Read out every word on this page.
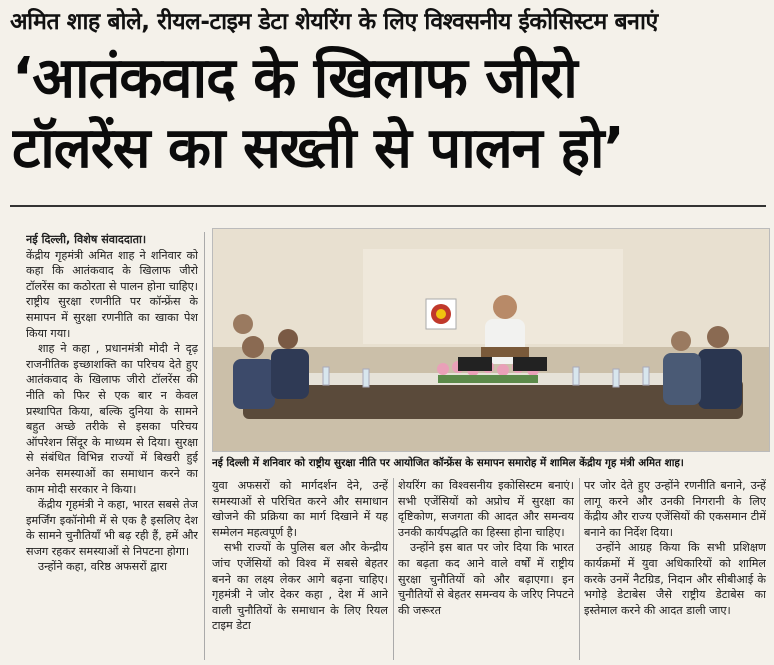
अमित शाह बोले, रीयल-टाइम डेटा शेयरिंग के लिए विश्वसनीय ईकोसिस्टम बनाएं
‘आतंकवाद के खिलाफ जीरो
टॉलरेंस का सख्ती से पालन हो’

नई दिल्ली, विशेष संवाददाता।

केंद्रीय गृहमंत्री अमित शाह ने शनिवार को कहा कि आतंकवाद के खिलाफ जीरो टॉलरेंस का कठोरता से पालन होना चाहिए। राष्ट्रीय सुरक्षा रणनीति पर कॉन्फ्रेंस के समापन में सुरक्षा रणनीति का खाका पेश किया गया।

शाह ने कहा , प्रधानमंत्री मोदी ने दृढ़ राजनीतिक इच्छाशक्ति का परिचय देते हुए आतंकवाद के खिलाफ जीरो टॉलरेंस की नीति को फिर से एक बार न केवल प्रस्थापित किया, बल्कि दुनिया के सामने बहुत अच्छे तरीके से इसका परिचय ऑपरेशन सिंदूर के माध्यम से दिया। सुरक्षा से संबंधित विभिन्न राज्यों में बिखरी हुई अनेक समस्याओं का समाधान करने का काम मोदी सरकार ने किया।

केंद्रीय गृहमंत्री ने कहा, भारत सबसे तेज इमर्जिंग इकॉनोमी में से एक है इसलिए देश के सामने चुनौतियाँ भी बढ़ रही हैं, हमें और सजग रहकर समस्याओं से निपटना होगा।

उन्होंने कहा, वरिष्ठ अफसरों द्वारा

नई दिल्ली में शनिवार को राष्ट्रीय सुरक्षा नीति पर आयोजित कॉन्फ्रेंस के समापन समारोह में शामिल केंद्रीय गृह मंत्री अमित शाह।

युवा अफसरों को मार्गदर्शन देने, उन्हें समस्याओं से परिचित करने और समाधान खोजने की प्रक्रिया का मार्ग दिखाने में यह सम्मेलन महत्वपूर्ण है।

सभी राज्यों के पुलिस बल और केन्द्रीय जांच एजेंसियों को विश्व में सबसे बेहतर बनने का लक्ष्य लेकर आगे बढ़ना चाहिए। गृहमंत्री ने जोर देकर कहा , देश में आने वाली चुनौतियों के समाधान के लिए रियल टाइम डेटा

शेयरिंग का विश्वसनीय इकोसिस्टम बनाएं। सभी एजेंसियों को अप्रोच में सुरक्षा का दृष्टिकोण, सजगता की आदत और समन्वय उनकी कार्यपद्धति का हिस्सा होना चाहिए।

उन्होंने इस बात पर जोर दिया कि भारत का बढ़ता कद आने वाले वर्षों में राष्ट्रीय सुरक्षा चुनौतियों को और बढ़ाएगा। इन चुनौतियों से बेहतर समन्वय के जरिए निपटने की जरूरत

पर जोर देते हुए उन्होंने रणनीति बनाने, उन्हें लागू करने और उनकी निगरानी के लिए केंद्रीय और राज्य एजेंसियों की एकसमान टीमें बनाने का निर्देश दिया।

उन्होंने आग्रह किया कि सभी प्रशिक्षण कार्यक्रमों में युवा अधिकारियों को शामिल करके उनमें नैटग्रिड, निदान और सीबीआई के भगोड़े डेटाबेस जैसे राष्ट्रीय डेटाबेस का इस्तेमाल करने की आदत डाली जाए।
